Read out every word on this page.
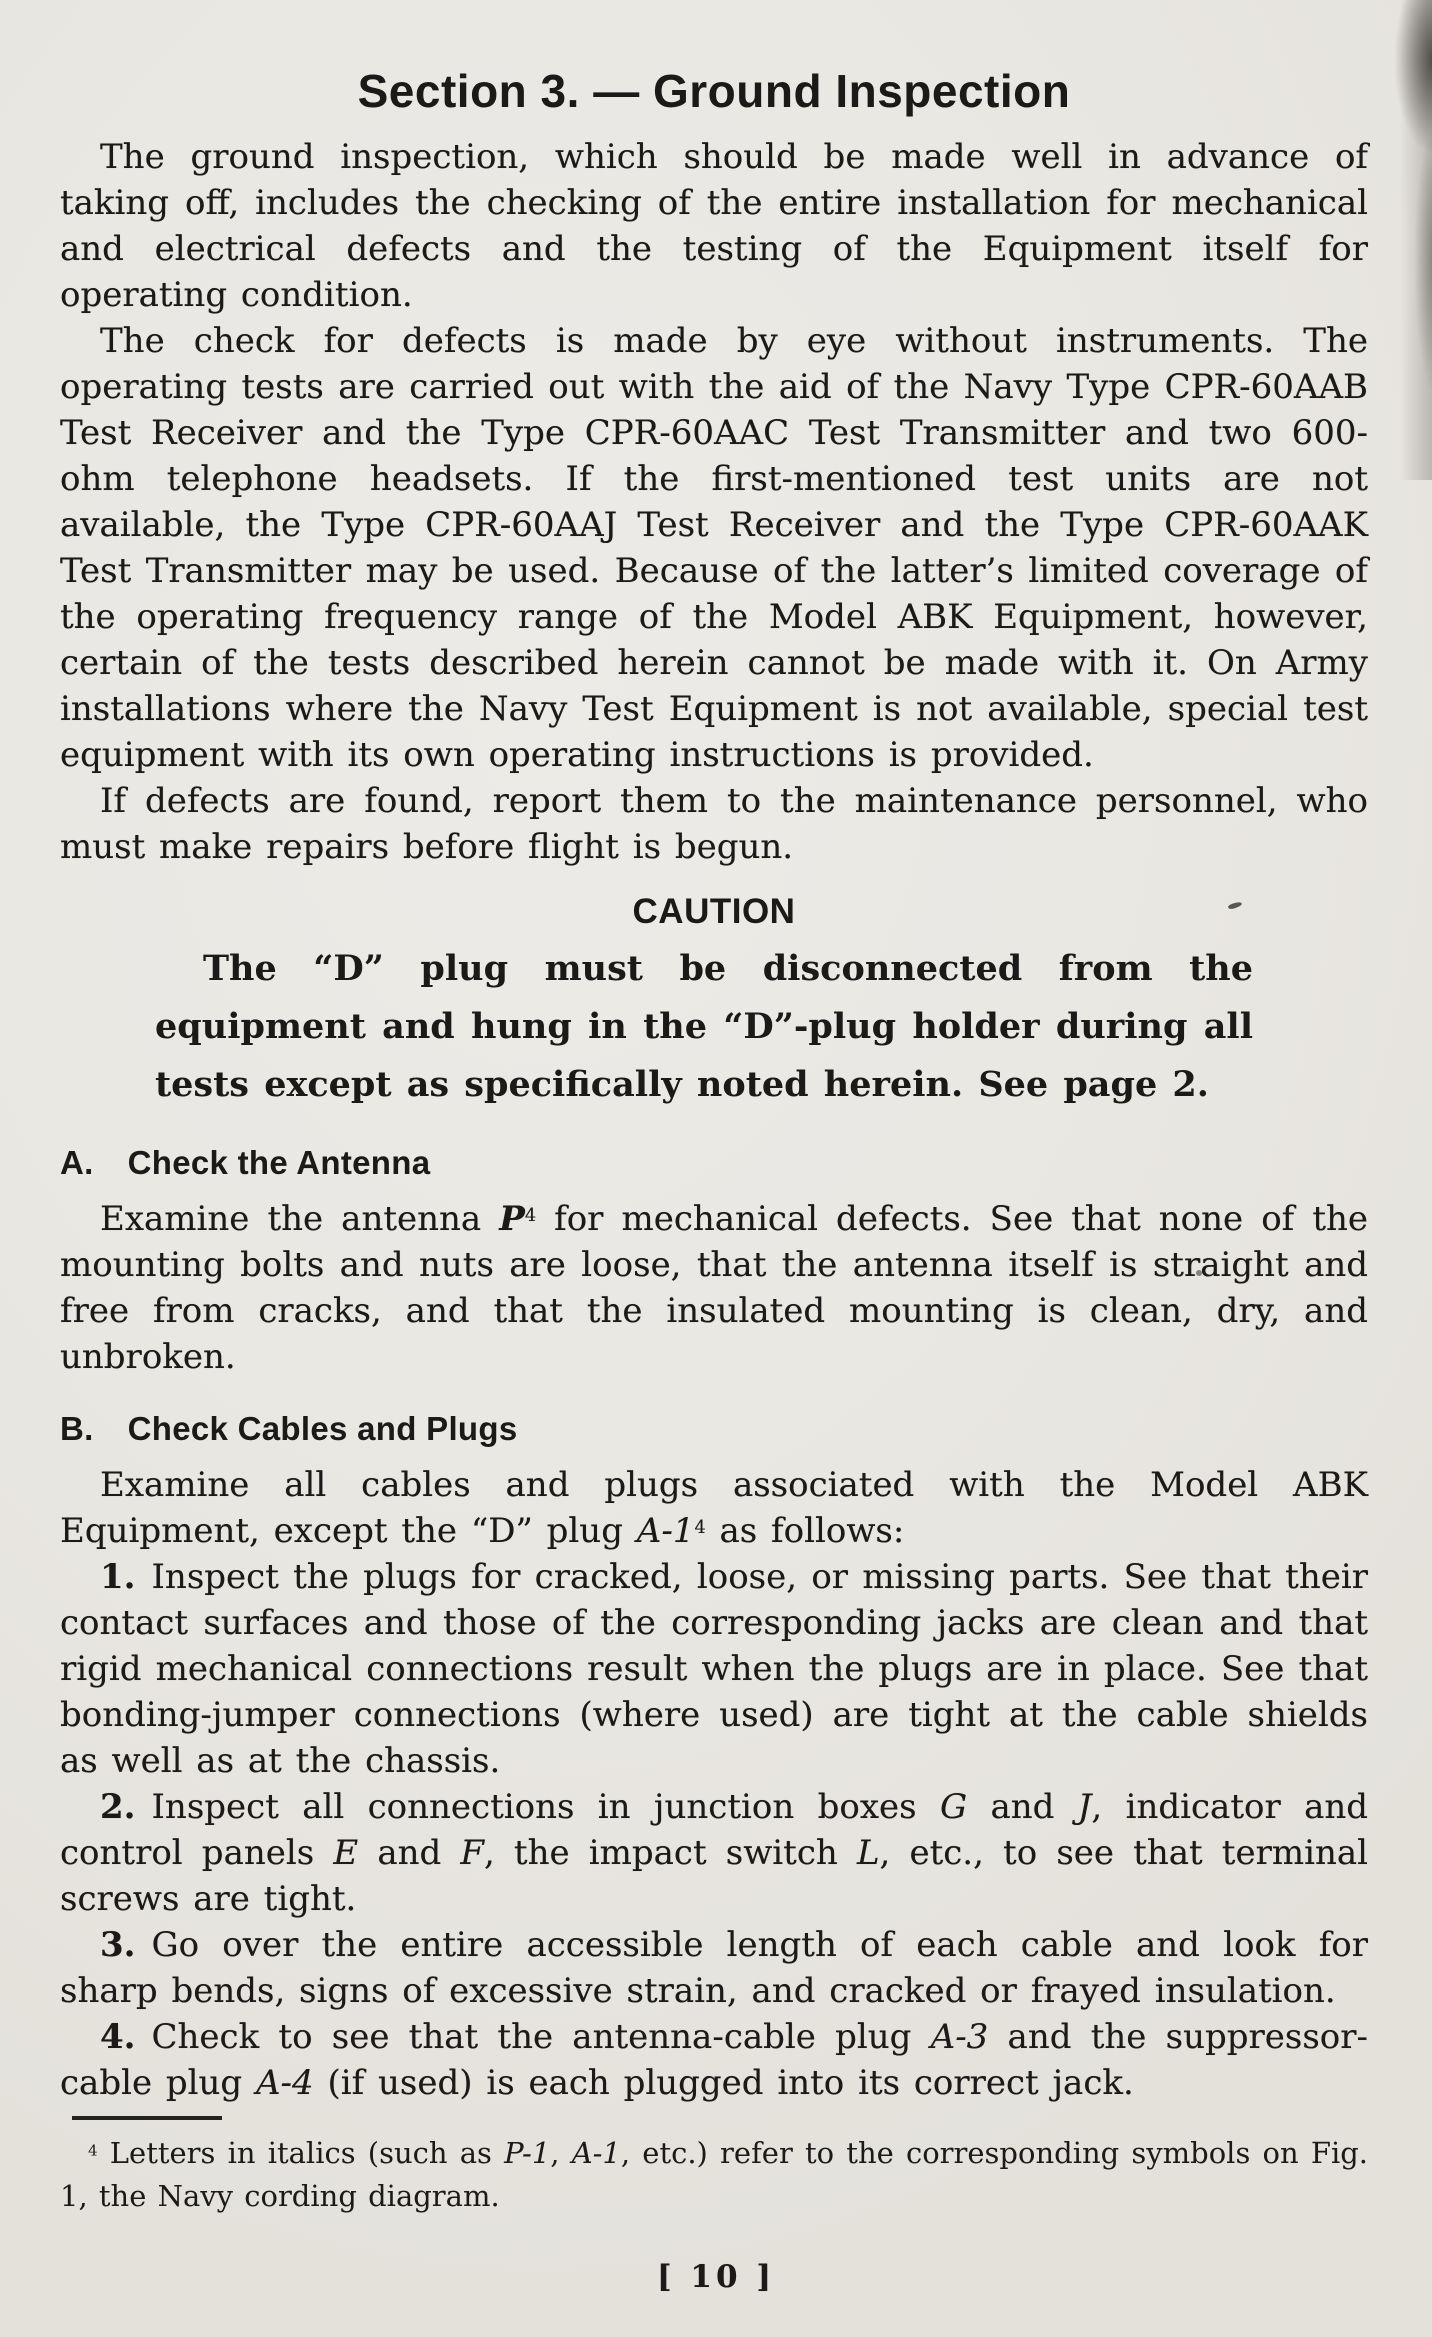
Section 3. — Ground Inspection

The ground inspection, which should be made well in advance of taking off, includes the checking of the entire installation for mechanical and electrical defects and the testing of the Equipment itself for operating condition.

The check for defects is made by eye without instruments. The operating tests are carried out with the aid of the Navy Type CPR-60AAB Test Receiver and the Type CPR-60AAC Test Transmitter and two 600-ohm telephone headsets. If the first-mentioned test units are not available, the Type CPR-60AAJ Test Receiver and the Type CPR-60AAK Test Transmitter may be used. Because of the latter’s limited coverage of the operating frequency range of the Model ABK Equipment, however, certain of the tests described herein cannot be made with it. On Army installations where the Navy Test Equipment is not available, special test equipment with its own operating instructions is provided.

If defects are found, report them to the maintenance personnel, who must make repairs before flight is begun.

CAUTION

The “D” plug must be disconnected from the equipment and hung in the “D”-plug holder during all tests except as specifically noted herein. See page 2.

A. Check the Antenna

Examine the antenna $P^4$ for mechanical defects. See that none of the mounting bolts and nuts are loose, that the antenna itself is straight and free from cracks, and that the insulated mounting is clean, dry, and unbroken.

B. Check Cables and Plugs

Examine all cables and plugs associated with the Model ABK Equipment, except the “D” plug $A-1^4$ as follows:

1. Inspect the plugs for cracked, loose, or missing parts. See that their contact surfaces and those of the corresponding jacks are clean and that rigid mechanical connections result when the plugs are in place. See that bonding-jumper connections (where used) are tight at the cable shields as well as at the chassis.

2. Inspect all connections in junction boxes G and J, indicator and control panels E and F, the impact switch L, etc., to see that terminal screws are tight.

3. Go over the entire accessible length of each cable and look for sharp bends, signs of excessive strain, and cracked or frayed insulation.

4. Check to see that the antenna-cable plug A-3 and the suppressor-cable plug A-4 (if used) is each plugged into its correct jack.

$^4$ Letters in italics (such as P-1, A-1, etc.) refer to the corresponding symbols on Fig. 1, the Navy cording diagram.

[ 10 ]
